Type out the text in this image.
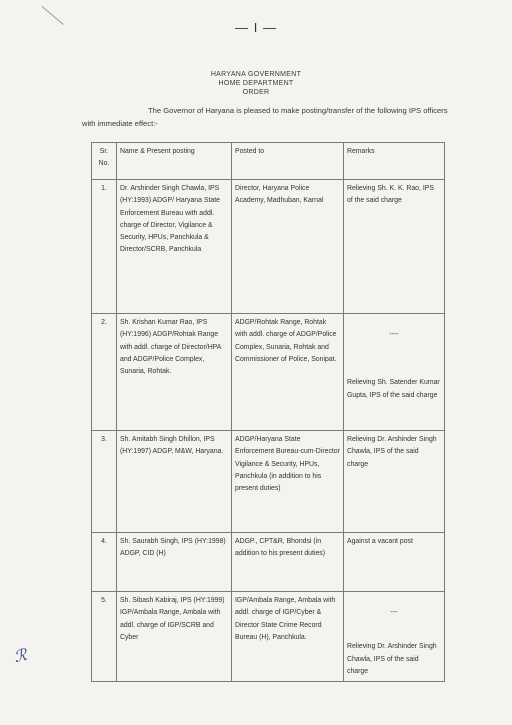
— I —
HARYANA GOVERNMENT
HOME DEPARTMENT
ORDER
The Governor of Haryana is pleased to make posting/transfer of the following IPS officers with immediate effect:-
Sr. No.	Name & Present posting	Posted to	Remarks
1.	Dr. Arshinder Singh Chawla, IPS (HY:1993) ADGP/ Haryana State Enforcement Bureau with addl. charge of Director, Vigilance & Security, HPUs, Panchkula & Director/SCRB, Panchkula	Director, Haryana Police Academy, Madhuban, Karnal	Relieving Sh. K. K. Rao, IPS of the said charge
2.	Sh. Krishan Kumar Rao, IPS (HY:1996) ADGP/Rohtak Range with addl. charge of Director/HPA and ADGP/Police Complex, Sunaria, Rohtak.	ADGP/Rohtak Range, Rohtak with addl. charge of ADGP/Police Complex, Sunaria, Rohtak and Commissioner of Police, Sonipat.	----
Relieving Sh. Satender Kumar Gupta, IPS of the said charge
3.	Sh. Amitabh Singh Dhillon, IPS (HY:1997) ADGP, M&W, Haryana.	ADGP/Haryana State Enforcement Bureau-cum-Director Vigilance & Security, HPUs, Panchkula (in addition to his present duties)	Relieving Dr. Arshinder Singh Chawla, IPS of the said charge
4.	Sh. Saurabh Singh, IPS (HY:1998) ADGP, CID (H)	ADGP., CPT&R, Bhondsi (in addition to his present duties)	Against a vacant post
5.	Sh. Sibash Kabiraj, IPS (HY:1999) IGP/Ambala Range, Ambala with addl. charge of IGP/SCRB and Cyber	IGP/Ambala Range, Ambala with addl. charge of IGP/Cyber & Director State Crime Record Bureau (H), Panchkula.	---
Relieving Dr. Arshinder Singh Chawla, IPS of the said charge
ℛ
